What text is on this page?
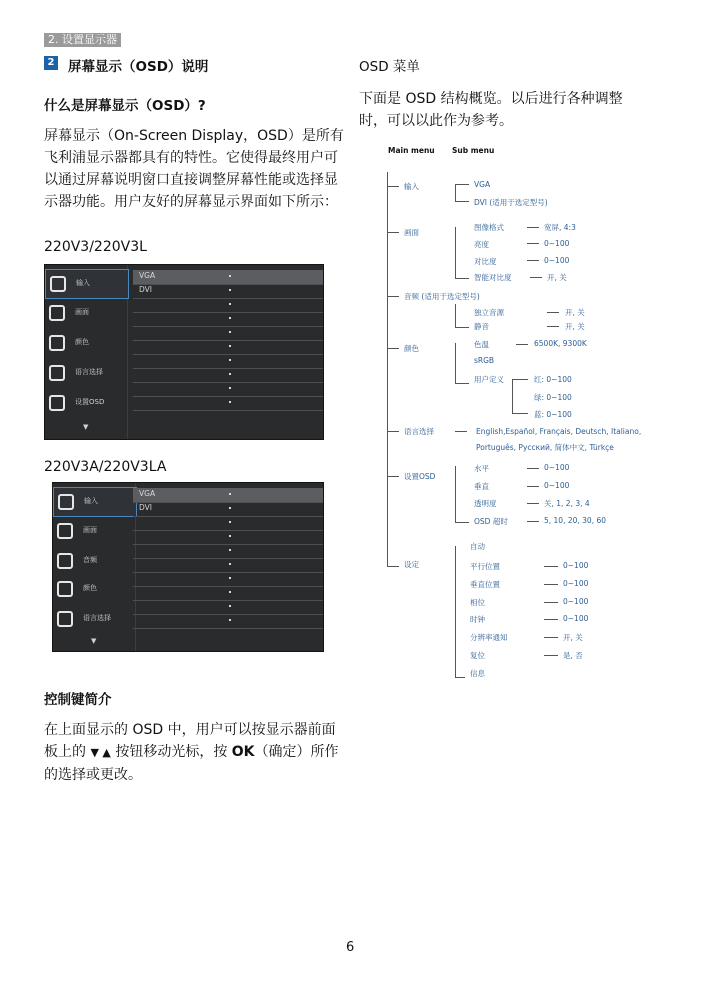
2. 设置显示器
2 屏幕显示（OSD）说明
什么是屏幕显示（OSD）?
屏幕显示（On-Screen Display，OSD）是所有飞利浦显示器都具有的特性。它使得最终用户可以通过屏幕说明窗口直接调整屏幕性能或选择显示器功能。用户友好的屏幕显示界面如下所示：
220V3/220V3L
输入
画面
颜色
语言选择
设置OSD
▼
VGA
DVI
220V3A/220V3LA
输入
画面
音频
颜色
语言选择
▼
VGA
DVI
控制键简介
在上面显示的 OSD 中，用户可以按显示器前面板上的 ▼ ▲ 按钮移动光标，按 OK（确定）所作的选择或更改。
OSD 菜单
下面是 OSD 结构概览。以后进行各种调整时，可以以此作为参考。
Main menu Sub menu
输入	VGA
DVI (适用于选定型号)
画面
图像格式	宽屏, 4:3
亮度	0~100
对比度	0~100
智能对比度	开, 关
音频 (适用于选定型号)
独立音源	开, 关
静音	开, 关
颜色	色温	6500K, 9300K
sRGB
用户定义	红: 0~100
绿: 0~100
蓝: 0~100
语言选择	English,Español, Français, Deutsch, Italiano,
Português, Русский, 简体中文, Türkçe
设置OSD
水平	0~100
垂直	0~100
透明度	关, 1, 2, 3, 4
OSD 超时	5, 10, 20, 30, 60
设定
自动
平行位置	0~100
垂直位置	0~100
相位	0~100
时钟	0~100
分辨率通知	开, 关
复位	是, 否
信息
6
